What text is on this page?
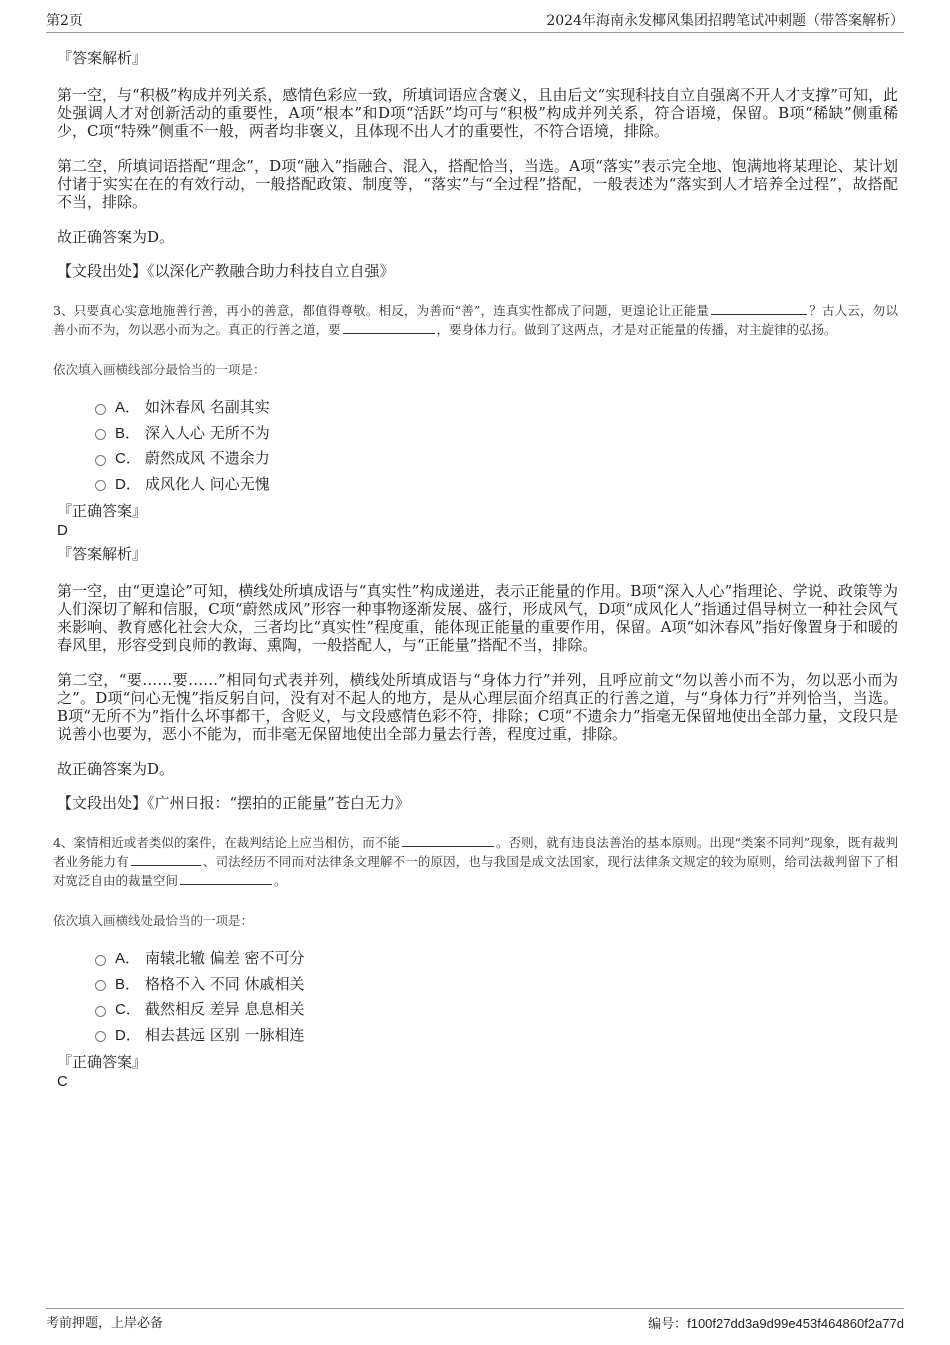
第2页	2024年海南永发椰风集团招聘笔试冲刺题（带答案解析）
『答案解析』

第一空，与“积极”构成并列关系，感情色彩应一致，所填词语应含褒义，且由后文“实现科技自立自强离不开人才支撑”可知，此处强调人才对创新活动的重要性，A项“根本”和D项“活跃”均可与“积极”构成并列关系，符合语境，保留。B项“稀缺”侧重稀少，C项“特殊”侧重不一般，两者均非褒义，且体现不出人才的重要性，不符合语境，排除。

第二空，所填词语搭配“理念”，D项“融入”指融合、混入，搭配恰当，当选。A项“落实”表示完全地、饱满地将某理论、某计划付诸于实实在在的有效行动，一般搭配政策、制度等，“落实”与“全过程”搭配，一般表述为“落实到人才培养全过程”，故搭配不当，排除。

故正确答案为D。

【文段出处】《以深化产教融合助力科技自立自强》

3、只要真心实意地施善行善，再小的善意，都值得尊敬。相反，为善而“善”，连真实性都成了问题，更遑论让正能量	？古人云，勿以善小而不为，勿以恶小而为之。真正的行善之道，要	，要身体力行。做到了这两点，才是对正能量的传播，对主旋律的弘扬。

依次填入画横线部分最恰当的一项是：

A． 如沐春风 名副其实
B． 深入人心 无所不为
C． 蔚然成风 不遗余力
D． 成风化人 问心无愧
『正确答案』

D

『答案解析』

第一空，由“更遑论”可知，横线处所填成语与“真实性”构成递进，表示正能量的作用。B项“深入人心”指理论、学说、政策等为人们深切了解和信服，C项“蔚然成风”形容一种事物逐渐发展、盛行，形成风气，D项“成风化人”指通过倡导树立一种社会风气来影响、教育感化社会大众，三者均比“真实性”程度重，能体现正能量的重要作用，保留。A项“如沐春风”指好像置身于和暖的春风里，形容受到良师的教诲、熏陶，一般搭配人，与“正能量”搭配不当，排除。

第二空，“要……要……”相同句式表并列，横线处所填成语与“身体力行”并列，且呼应前文“勿以善小而不为，勿以恶小而为之”。D项“问心无愧”指反躬自问，没有对不起人的地方，是从心理层面介绍真正的行善之道，与“身体力行”并列恰当，当选。B项“无所不为”指什么坏事都干，含贬义，与文段感情色彩不符，排除；C项“不遗余力”指毫无保留地使出全部力量，文段只是说善小也要为，恶小不能为，而非毫无保留地使出全部力量去行善，程度过重，排除。

故正确答案为D。

【文段出处】《广州日报：“摆拍的正能量”苍白无力》

4、案情相近或者类似的案件，在裁判结论上应当相仿，而不能	。否则，就有违良法善治的基本原则。出现“类案不同判”现象，既有裁判者业务能力有	、司法经历不同而对法律条文理解不一的原因，也与我国是成文法国家，现行法律条文规定的较为原则，给司法裁判留下了相对宽泛自由的裁量空间	。

依次填入画横线处最恰当的一项是：

A． 南辕北辙 偏差 密不可分
B． 格格不入 不同 休戚相关
C． 截然相反 差异 息息相关
D． 相去甚远 区别 一脉相连
『正确答案』

C

考前押题，上岸必备	编号：f100f27dd3a9d99e453f464860f2a77d
